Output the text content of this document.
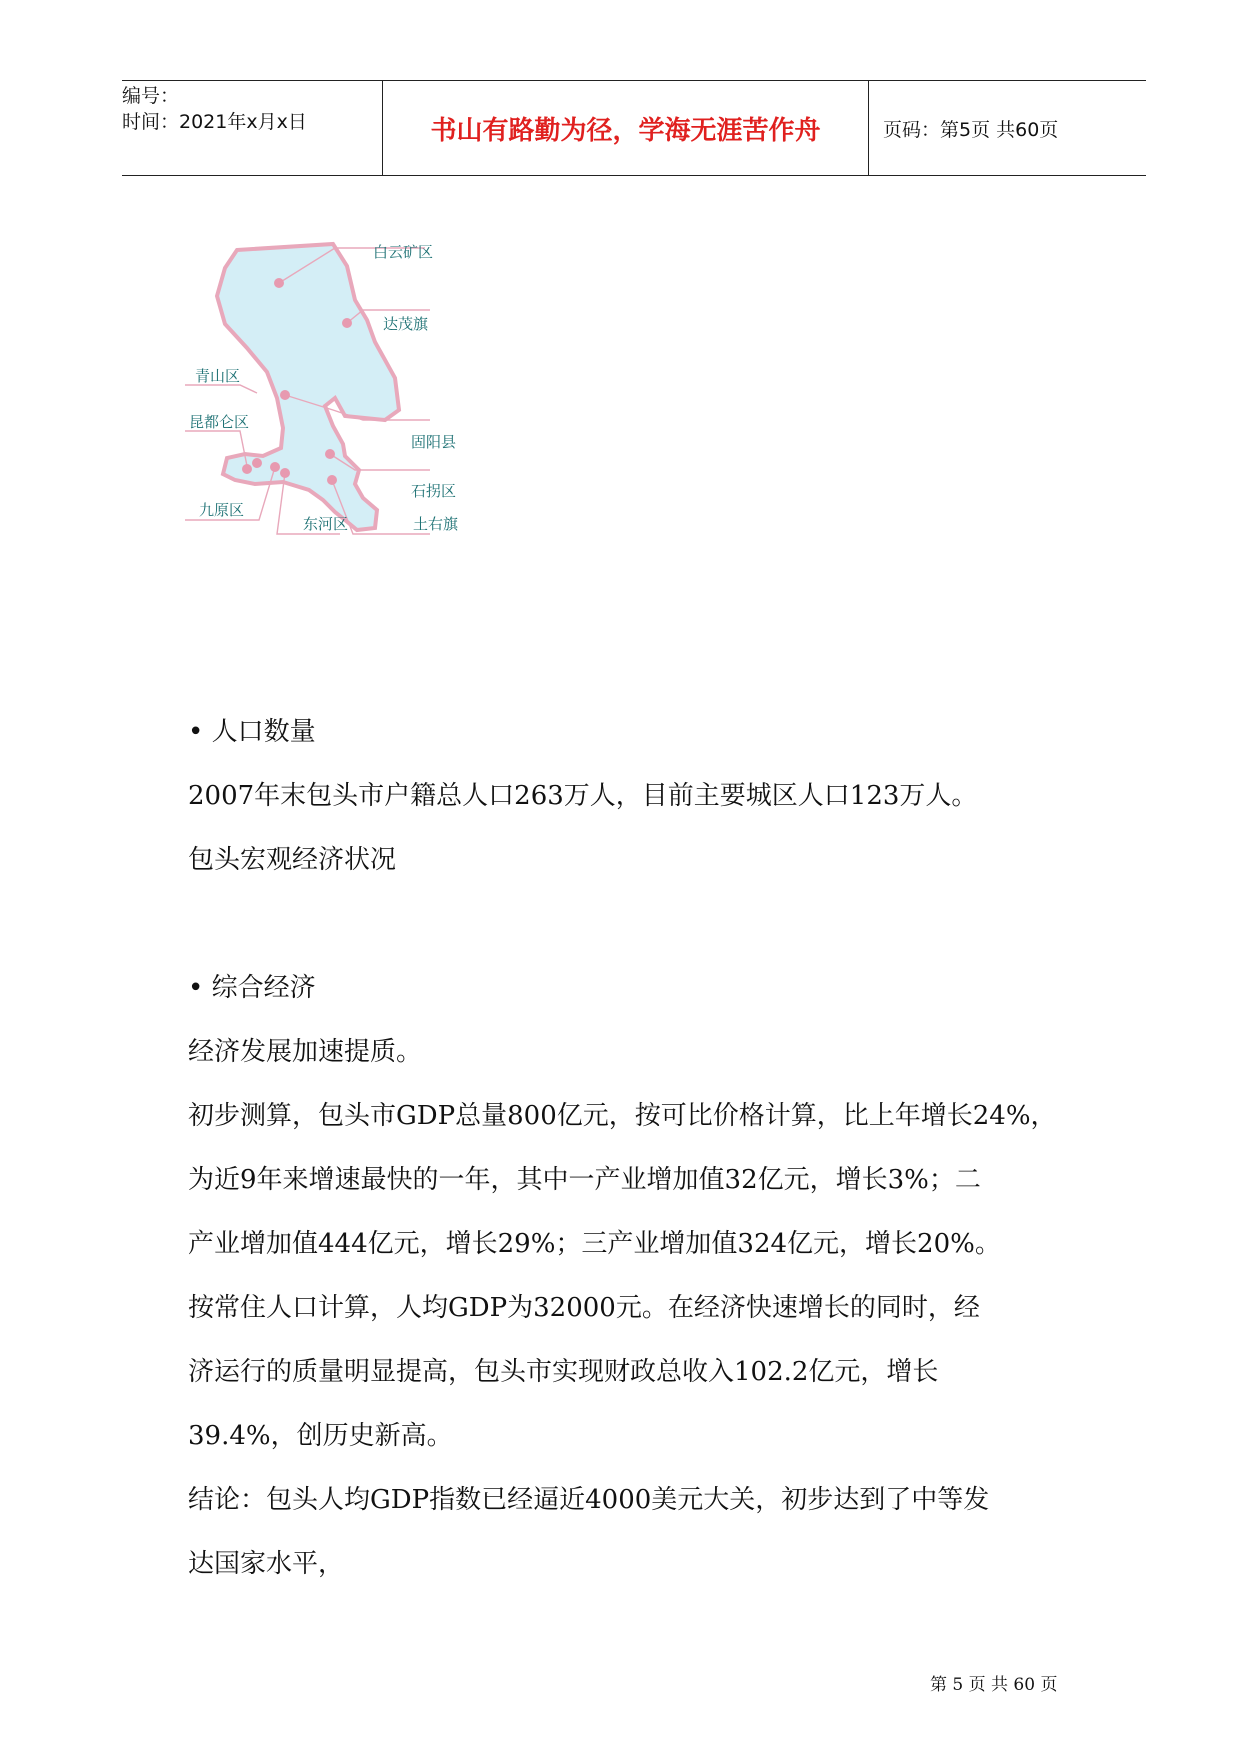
编号：
时间：2021年x月x日	书山有路勤为径，学海无涯苦作舟	页码：第5页 共60页
白云矿区
达茂旗
青山区
固阳县
昆都仑区
石拐区
九原区
东河区	土右旗

• 人口数量

2007年末包头市户籍总人口263万人，目前主要城区人口123万人。

包头宏观经济状况

• 综合经济

经济发展加速提质。

初步测算，包头市GDP总量800亿元，按可比价格计算，比上年增长24%，

为近9年来增速最快的一年，其中一产业增加值32亿元，增长3%；二

产业增加值444亿元，增长29%；三产业增加值324亿元，增长20%。

按常住人口计算，人均GDP为32000元。在经济快速增长的同时，经

济运行的质量明显提高，包头市实现财政总收入102.2亿元，增长

39.4%，创历史新高。

结论：包头人均GDP指数已经逼近4000美元大关，初步达到了中等发

达国家水平，

第 5 页 共 60 页
